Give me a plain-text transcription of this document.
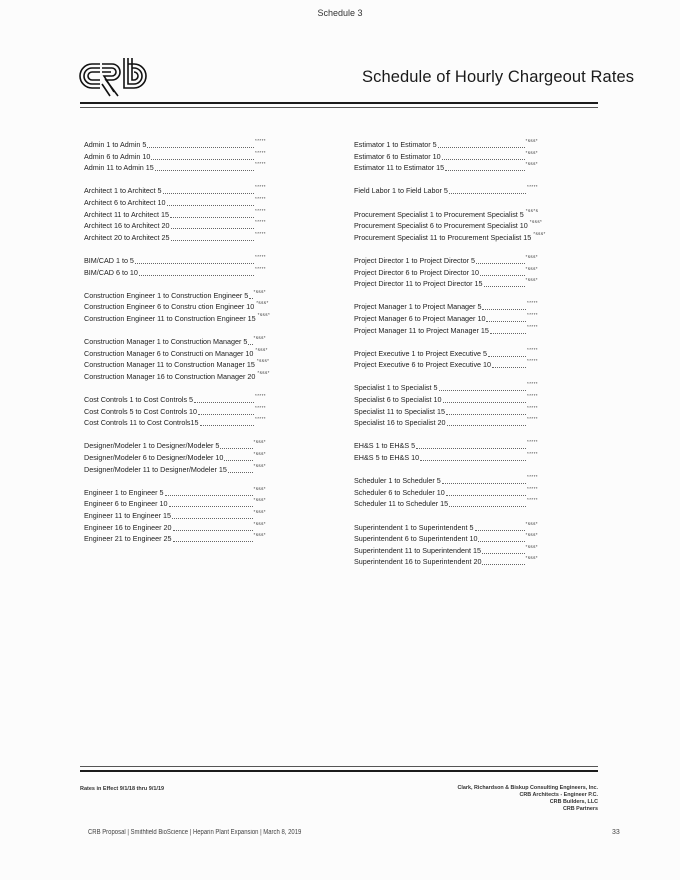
Schedule 3
Schedule of Hourly Chargeout Rates
Admin 1 to Admin 5	*****
Admin 6 to Admin 10	*****
Admin 11 to Admin 15	*****
Architect 1 to Architect 5	*****
Architect 6 to Architect 10	*****
Architect 11 to Architect 15	*****
Architect 16 to Architect 20	*****
Architect 20 to Architect 25	*****
BIM/CAD 1 to 5	*****
BIM/CAD 6 to 10	*****
Construction Engineer 1 to Construction Engineer 5 *sss*
Construction Engineer 6 to Constru ction Engineer 10 *sss*
Construction Engineer 11 to Construction Engineer 15 *sss*
Construction Manager 1 to Construction Manager 5 *sss*
Construction Manager 6 to Constructi on Manager 10 *sss*
Construction Manager 11 to Construction Manager 15 *sss*
Construction Manager 16 to Construction Manager 20 *sss*
Cost Controls 1 to Cost Controls 5	*****
Cost Controls 5 to Cost Controls 10	*****
Cost Controls 11 to Cost Controls15	*****
Designer/Modeler 1 to Designer/Modeler 5	*sss*
Designer/Modeler 6 to Designer/Modeler 10	*sss*
Designer/Modeler 11 to Designer/Modeler 15	*sss*
Engineer 1 to Engineer 5	*sss*
Engineer 6 to Engineer 10	*sss*
Engineer 11 to Engineer 15	*sss*
Engineer 16 to Engineer 20	*sss*
Engineer 21 to Engineer 25	*sss*
Estimator 1 to Estimator 5	*sss*
Estimator 6 to Estimator 10	*sss*
Estimator 11 to Estimator 15	*sss*
Field Labor 1 to Field Labor 5	*****
Procurement Specialist 1 to Procurement Specialist 5 *ss*s
Procurement Specialist 6 to Procurement Specialist 10 *sss*
Procurement Specialist 11 to Procurement Specialist 15 *sss*
Project Director 1 to Project Director 5	*sss*
Project Director 6 to Project Director 10	*sss*
Project Director 11 to Project Director 15	*sss*
Project Manager 1 to Project Manager 5	*****
Project Manager 6 to Project Manager 10	*****
Project Manager 11 to Project Manager 15	*****
Project Executive 1 to Project Executive 5	*****
Project Executive 6 to Project Executive 10	*****
Specialist 1 to Specialist 5	*****
Specialist 6 to Specialist 10	*****
Specialist 11 to Specialist 15	*****
Specialist 16 to Specialist 20	*****
EH&S 1 to EH&S 5	*****
EH&S 5 to EH&S 10	*****
Scheduler 1 to Scheduler 5	*****
Scheduler 6 to Scheduler 10	*****
Scheduler 11 to Scheduler 15	*****
Superintendent 1 to Superintendent 5	*sss*
Superintendent 6 to Superintendent 10	*sss*
Superintendent 11 to Superintendent 15	*sss*
Superintendent 16 to Superintendent 20	*sss*
Rates in Effect 9/1/18 thru 9/1/19	Clark, Richardson & Biskup Consulting Engineers, Inc.
CRB Architects - Engineer P.C.
CRB Builders, LLC
CRB Partners
CRB Proposal | Smithfield BioScience | Heparin Plant Expansion | March 8, 2019	33
